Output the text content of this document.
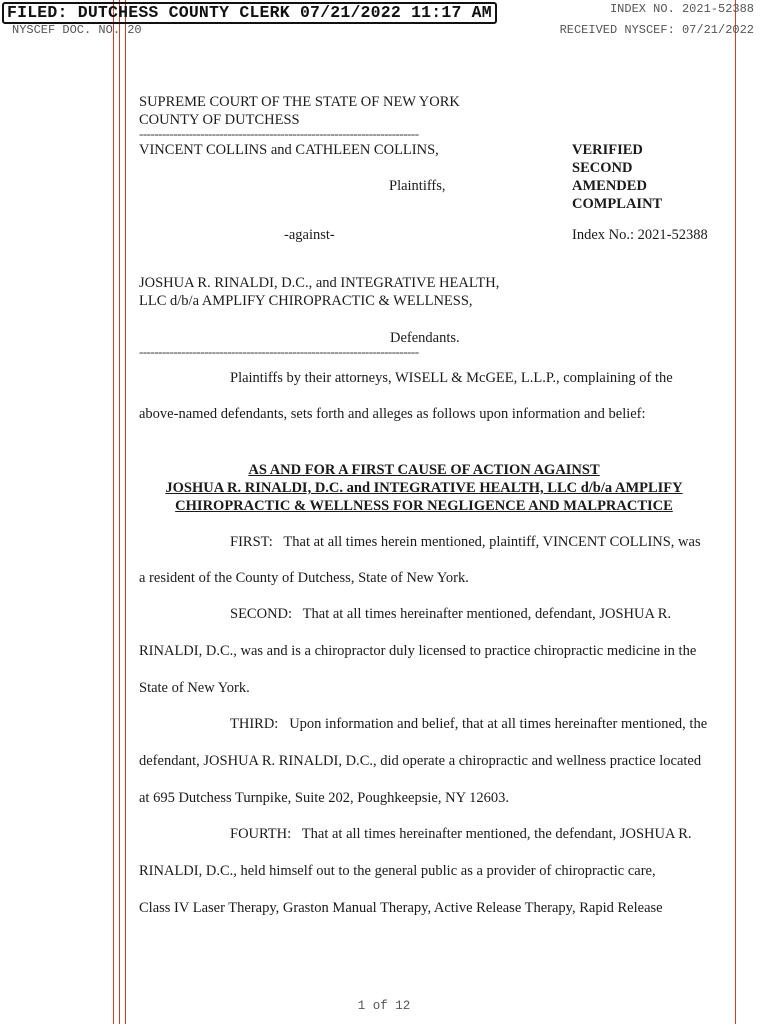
FILED: DUTCHESS COUNTY CLERK 07/21/2022 11:17 AM	INDEX NO. 2021-52388
NYSCEF DOC. NO. 20	RECEIVED NYSCEF: 07/21/2022
SUPREME COURT OF THE STATE OF NEW YORK
COUNTY OF DUTCHESS
-------------------------------------------------------------------------
VINCENT COLLINS and CATHLEEN COLLINS,
Plaintiffs,
-against-
JOSHUA R. RINALDI, D.C., and INTEGRATIVE HEALTH,
LLC d/b/a AMPLIFY CHIROPRACTIC & WELLNESS,
Defendants.
-------------------------------------------------------------------------
VERIFIED
SECOND
AMENDED
COMPLAINT
Index No.: 2021-52388
Plaintiffs by their attorneys, WISELL & McGEE, L.L.P., complaining of the
above-named defendants, sets forth and alleges as follows upon information and belief:
AS AND FOR A FIRST CAUSE OF ACTION AGAINST
JOSHUA R. RINALDI, D.C. and INTEGRATIVE HEALTH, LLC d/b/a AMPLIFY
CHIROPRACTIC & WELLNESS FOR NEGLIGENCE AND MALPRACTICE
FIRST:   That at all times herein mentioned, plaintiff, VINCENT COLLINS, was
a resident of the County of Dutchess, State of New York.
SECOND:   That at all times hereinafter mentioned, defendant, JOSHUA R.
RINALDI, D.C., was and is a chiropractor duly licensed to practice chiropractic medicine in the
State of New York.
THIRD:   Upon information and belief, that at all times hereinafter mentioned, the
defendant, JOSHUA R. RINALDI, D.C., did operate a chiropractic and wellness practice located
at 695 Dutchess Turnpike, Suite 202, Poughkeepsie, NY 12603.
FOURTH:   That at all times hereinafter mentioned, the defendant, JOSHUA R.
RINALDI, D.C., held himself out to the general public as a provider of chiropractic care,
Class IV Laser Therapy, Graston Manual Therapy, Active Release Therapy, Rapid Release
1 of 12
